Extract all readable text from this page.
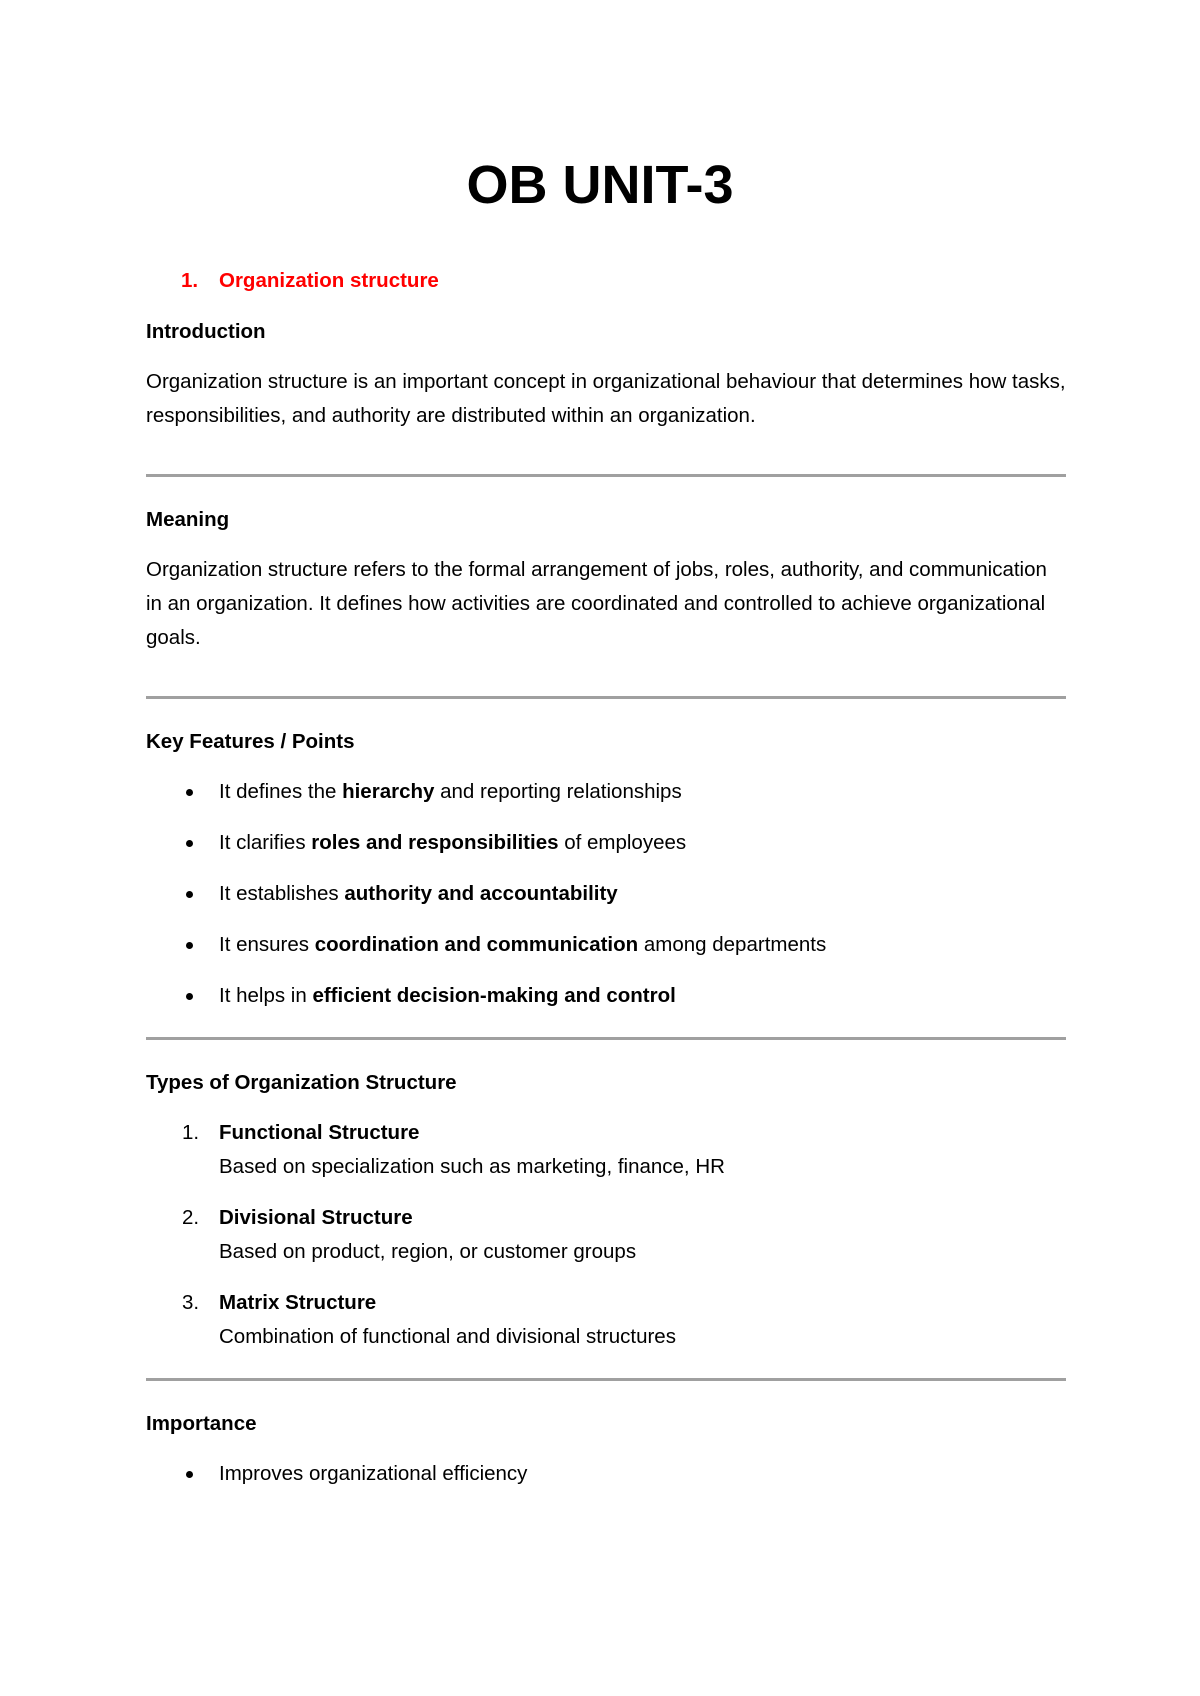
OB UNIT-3
1.	Organization structure
Introduction
Organization structure is an important concept in organizational behaviour that determines how tasks, responsibilities, and authority are distributed within an organization.
Meaning
Organization structure refers to the formal arrangement of jobs, roles, authority, and communication in an organization. It defines how activities are coordinated and controlled to achieve organizational goals.
Key Features / Points
It defines the hierarchy and reporting relationships
It clarifies roles and responsibilities of employees
It establishes authority and accountability
It ensures coordination and communication among departments
It helps in efficient decision-making and control
Types of Organization Structure
1. Functional Structure
Based on specialization such as marketing, finance, HR
2. Divisional Structure
Based on product, region, or customer groups
3. Matrix Structure
Combination of functional and divisional structures
Importance
Improves organizational efficiency
